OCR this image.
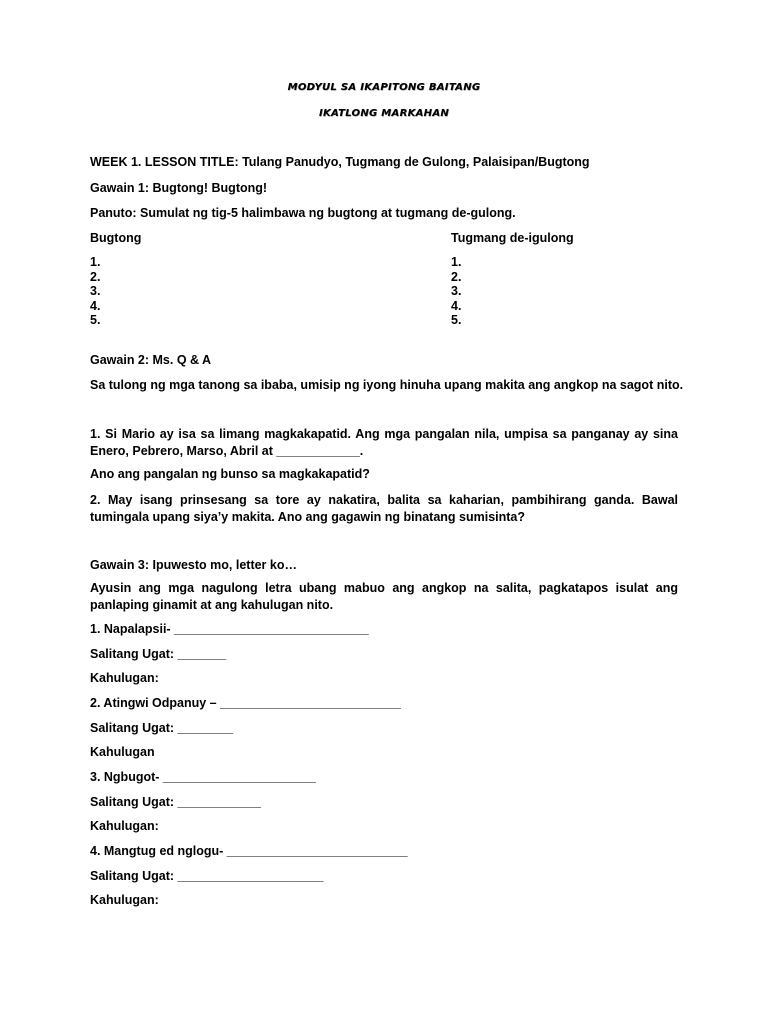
MODYUL SA IKAPITONG BAITANG
IKATLONG MARKAHAN
WEEK 1. LESSON TITLE: Tulang Panudyo, Tugmang de Gulong, Palaisipan/Bugtong
Gawain 1: Bugtong! Bugtong!
Panuto: Sumulat ng tig-5 halimbawa ng bugtong at tugmang de-gulong.
Bugtong	Tugmang de-igulong
1.
2.
3.
4.
5.
1.
2.
3.
4.
5.
Gawain 2: Ms. Q & A
Sa tulong ng mga tanong sa ibaba, umisip ng iyong hinuha upang makita ang angkop na sagot nito.
1. Si Mario ay isa sa limang magkakapatid. Ang mga pangalan nila, umpisa sa panganay ay sina Enero, Pebrero, Marso, Abril at ____________.
Ano ang pangalan ng bunso sa magkakapatid?
2. May isang prinsesang sa tore ay nakatira, balita sa kaharian, pambihirang ganda. Bawal tumingala upang siya’y makita. Ano ang gagawin ng binatang sumisinta?
Gawain 3: Ipuwesto mo, letter ko…
Ayusin ang mga nagulong letra ubang mabuo ang angkop na salita, pagkatapos isulat ang panlaping ginamit at ang kahulugan nito.
1. Napalapsii- ____________________________
Salitang Ugat: _______
Kahulugan:
2. Atingwi Odpanuy – __________________________
Salitang Ugat: ________
Kahulugan
3. Ngbugot- ______________________
Salitang Ugat: ____________
Kahulugan:
4. Mangtug ed nglogu- __________________________
Salitang Ugat: _____________________
Kahulugan:
